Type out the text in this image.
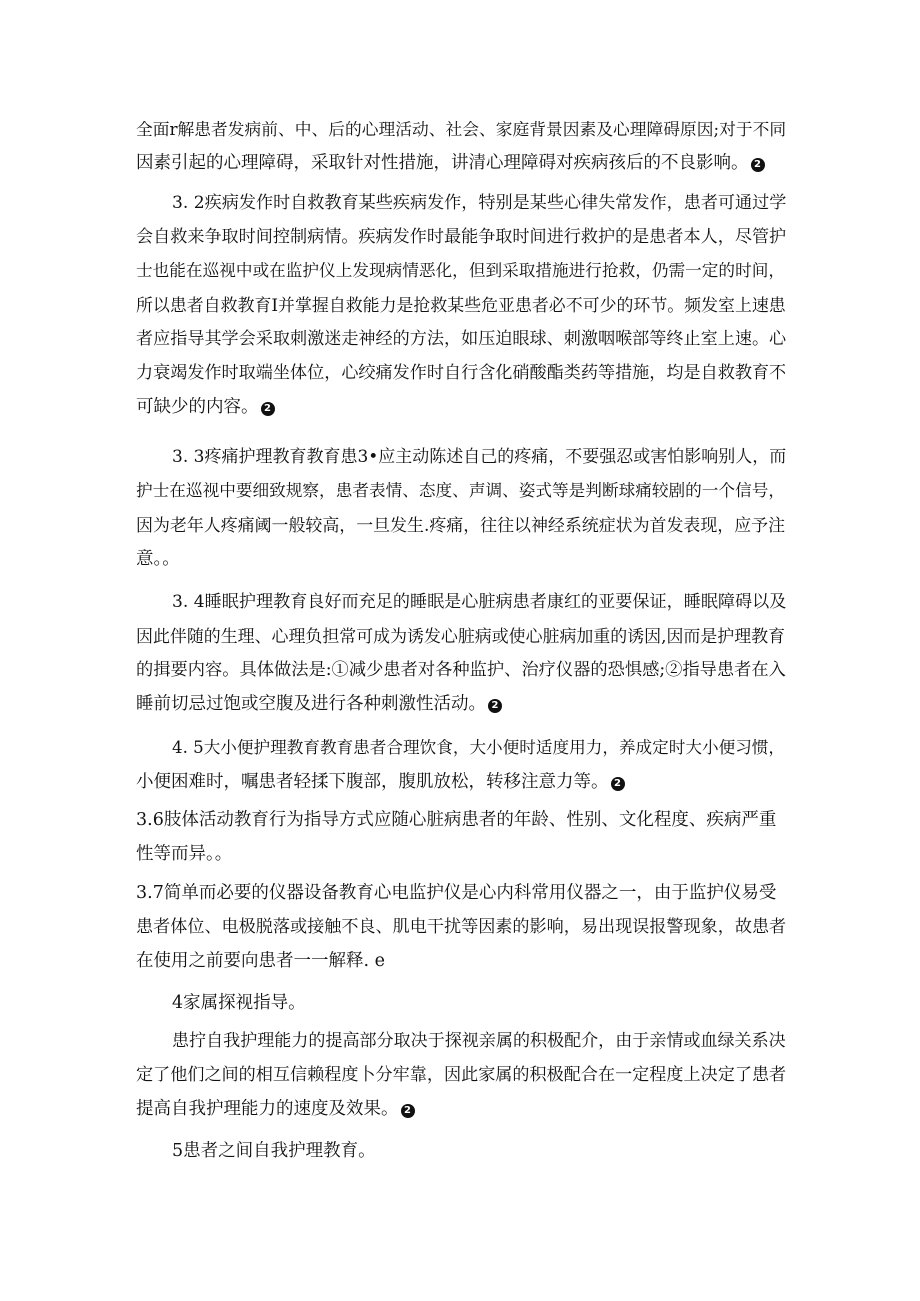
全面r解患者发病前、中、后的心理活动、社会、家庭背景因素及心理障碍原因;对于不同
因素引起的心理障碍，采取针对性措施，讲清心理障碍对疾病孩后的不良影响。 2
3. 2疾病发作时自救教育某些疾病发作，特别是某些心律失常发作，患者可通过学
会自救来争取时间控制病情。疾病发作时最能争取时间进行救护的是患者本人，尽管护
士也能在巡视中或在监护仪上发现病情恶化，但到采取措施进行抢救，仍需一定的时间，
所以患者自救教育I并掌握自救能力是抢救某些危亚患者必不可少的环节。频发室上速患
者应指导其学会采取刺激迷走神经的方法，如压迫眼球、刺激咽喉部等终止室上速。心
力衰竭发作时取端坐体位，心绞痛发作时自行含化硝酸酯类药等措施，均是自救教育不
可缺少的内容。 2
3. 3疼痛护理教育教育患3•应主动陈述自己的疼痛，不要强忍或害怕影响别人，而
护士在巡视中要细致规察，患者表情、态度、声调、姿式等是判断球痛较剧的一个信号，
因为老年人疼痛阈一般较高，一旦发生.疼痛，往往以神经系统症状为首发表现，应予注
意。。
3. 4睡眠护理教育良好而充足的睡眠是心脏病患者康红的亚要保证，睡眠障碍以及
因此伴随的生理、心理负担常可成为诱发心脏病或使心脏病加重的诱因,因而是护理教育
的揖要内容。具体做法是:①减少患者对各种监护、治疗仪器的恐惧感;②指导患者在入
睡前切忌过饱或空腹及进行各种刺激性活动。 2
4. 5大小便护理教育教育患者合理饮食，大小便时适度用力，养成定时大小便习惯，
小便困难时，嘱患者轻揉下腹部，腹肌放松，转移注意力等。 2
3.6肢体活动教育行为指导方式应随心脏病患者的年龄、性别、文化程度、疾病严重
性等而异。。
3.7简单而必要的仪器设备教育心电监护仪是心内科常用仪器之一，由于监护仪易受
患者体位、电极脱落或接触不良、肌电干扰等因素的影响，易出现误报警现象，故患者
在使用之前要向患者一一解释. e
4家属探视指导。
患拧自我护理能力的提高部分取决于探视亲属的积极配介，由于亲情或血绿关系决
定了他们之间的相互信赖程度卜分牢靠，因此家属的积极配合在一定程度上决定了患者
提高自我护理能力的速度及效果。 2
5患者之间自我护理教育。
